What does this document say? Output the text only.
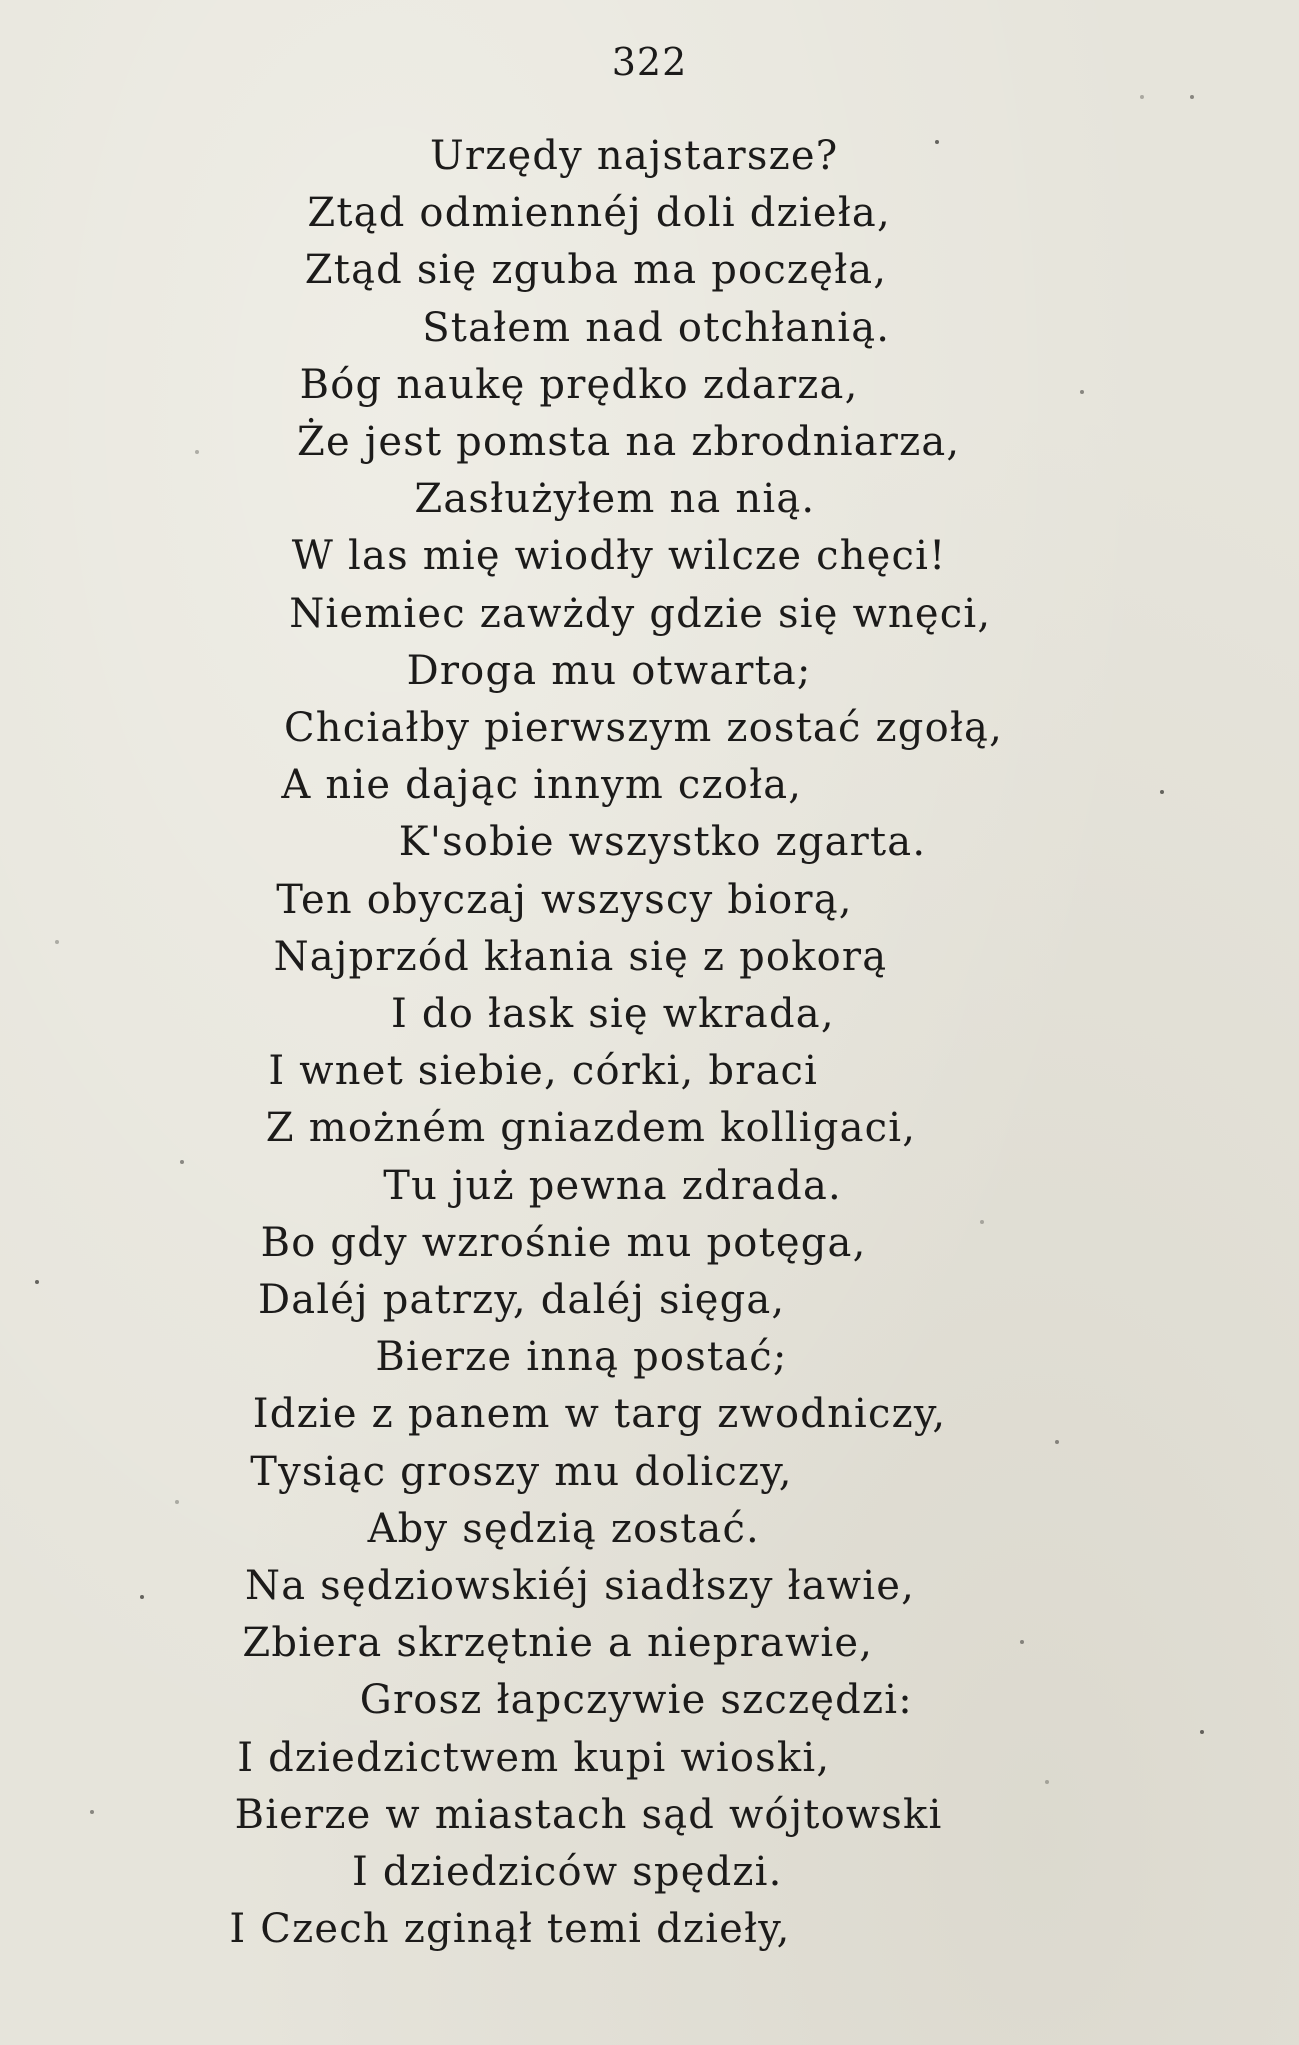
322
Urzędy najstarsze?
Ztąd odmiennéj doli dzieła,
Ztąd się zguba ma poczęła,
Stałem nad otchłanią.
Bóg naukę prędko zdarza,
Że jest pomsta na zbrodniarza,
Zasłużyłem na nią.
W las mię wiodły wilcze chęci!
Niemiec zawżdy gdzie się wnęci,
Droga mu otwarta;
Chciałby pierwszym zostać zgołą,
A nie dając innym czoła,
K'sobie wszystko zgarta.
Ten obyczaj wszyscy biorą,
Najprzód kłania się z pokorą
I do łask się wkrada,
I wnet siebie, córki, braci
Z możném gniazdem kolligaci,
Tu już pewna zdrada.
Bo gdy wzrośnie mu potęga,
Daléj patrzy, daléj sięga,
Bierze inną postać;
Idzie z panem w targ zwodniczy,
Tysiąc groszy mu doliczy,
Aby sędzią zostać.
Na sędziowskiéj siadłszy ławie,
Zbiera skrzętnie a nieprawie,
Grosz łapczywie szczędzi:
I dziedzictwem kupi wioski,
Bierze w miastach sąd wójtowski
I dziedziców spędzi.
I Czech zginął temi dzieły,
